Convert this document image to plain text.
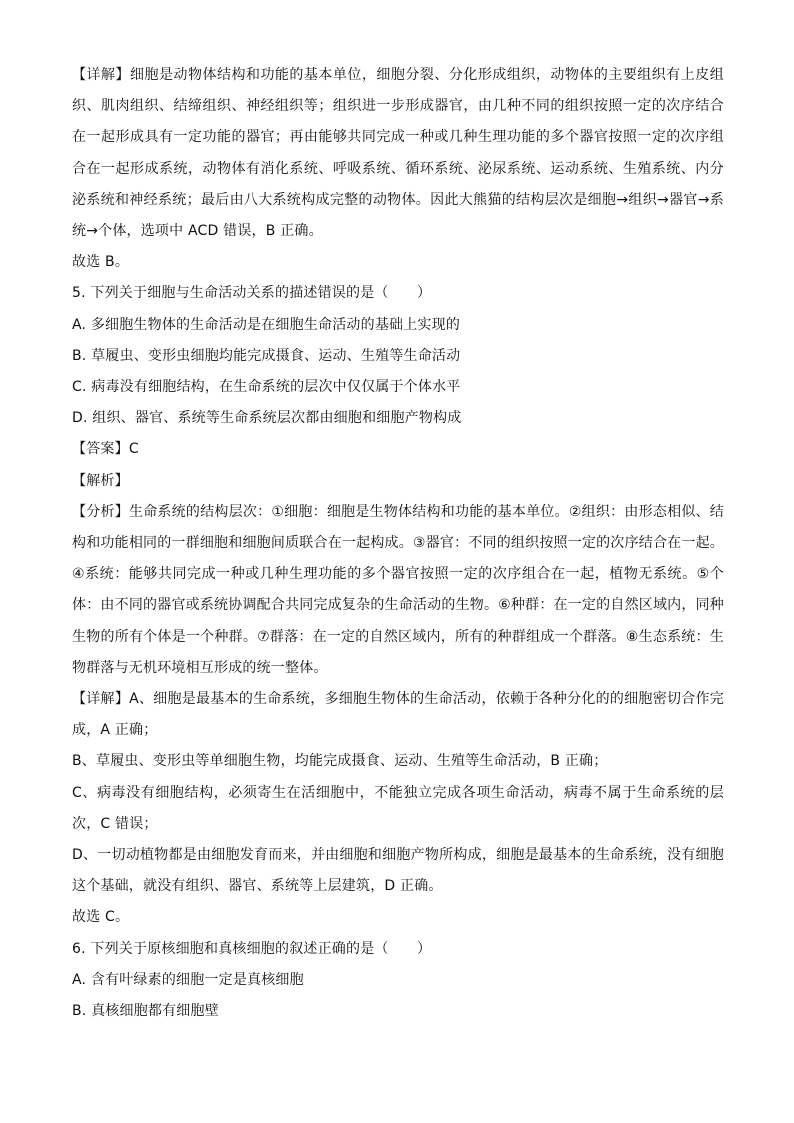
【详解】细胞是动物体结构和功能的基本单位，细胞分裂、分化形成组织，动物体的主要组织有上皮组织、肌肉组织、结缔组织、神经组织等；组织进一步形成器官，由几种不同的组织按照一定的次序结合在一起形成具有一定功能的器官；再由能够共同完成一种或几种生理功能的多个器官按照一定的次序组合在一起形成系统，动物体有消化系统、呼吸系统、循环系统、泌尿系统、运动系统、生殖系统、内分泌系统和神经系统；最后由八大系统构成完整的动物体。因此大熊猫的结构层次是细胞→组织→器官→系统→个体，选项中 ACD 错误，B 正确。

故选 B。

5. 下列关于细胞与生命活动关系的描述错误的是（　　）

A. 多细胞生物体的生命活动是在细胞生命活动的基础上实现的

B. 草履虫、变形虫细胞均能完成摄食、运动、生殖等生命活动

C. 病毒没有细胞结构，在生命系统的层次中仅仅属于个体水平

D. 组织、器官、系统等生命系统层次都由细胞和细胞产物构成

【答案】C

【解析】

【分析】生命系统的结构层次：①细胞：细胞是生物体结构和功能的基本单位。②组织：由形态相似、结构和功能相同的一群细胞和细胞间质联合在一起构成。③器官：不同的组织按照一定的次序结合在一起。④系统：能够共同完成一种或几种生理功能的多个器官按照一定的次序组合在一起，植物无系统。⑤个体：由不同的器官或系统协调配合共同完成复杂的生命活动的生物。⑥种群：在一定的自然区域内，同种生物的所有个体是一个种群。⑦群落：在一定的自然区域内，所有的种群组成一个群落。⑧生态系统：生物群落与无机环境相互形成的统一整体。

【详解】A、细胞是最基本的生命系统，多细胞生物体的生命活动，依赖于各种分化的的细胞密切合作完成，A 正确；

B、草履虫、变形虫等单细胞生物，均能完成摄食、运动、生殖等生命活动，B 正确；

C、病毒没有细胞结构，必须寄生在活细胞中，不能独立完成各项生命活动，病毒不属于生命系统的层次，C 错误；

D、一切动植物都是由细胞发育而来，并由细胞和细胞产物所构成，细胞是最基本的生命系统，没有细胞这个基础，就没有组织、器官、系统等上层建筑，D 正确。

故选 C。

6. 下列关于原核细胞和真核细胞的叙述正确的是（　　）

A. 含有叶绿素的细胞一定是真核细胞

B. 真核细胞都有细胞壁
